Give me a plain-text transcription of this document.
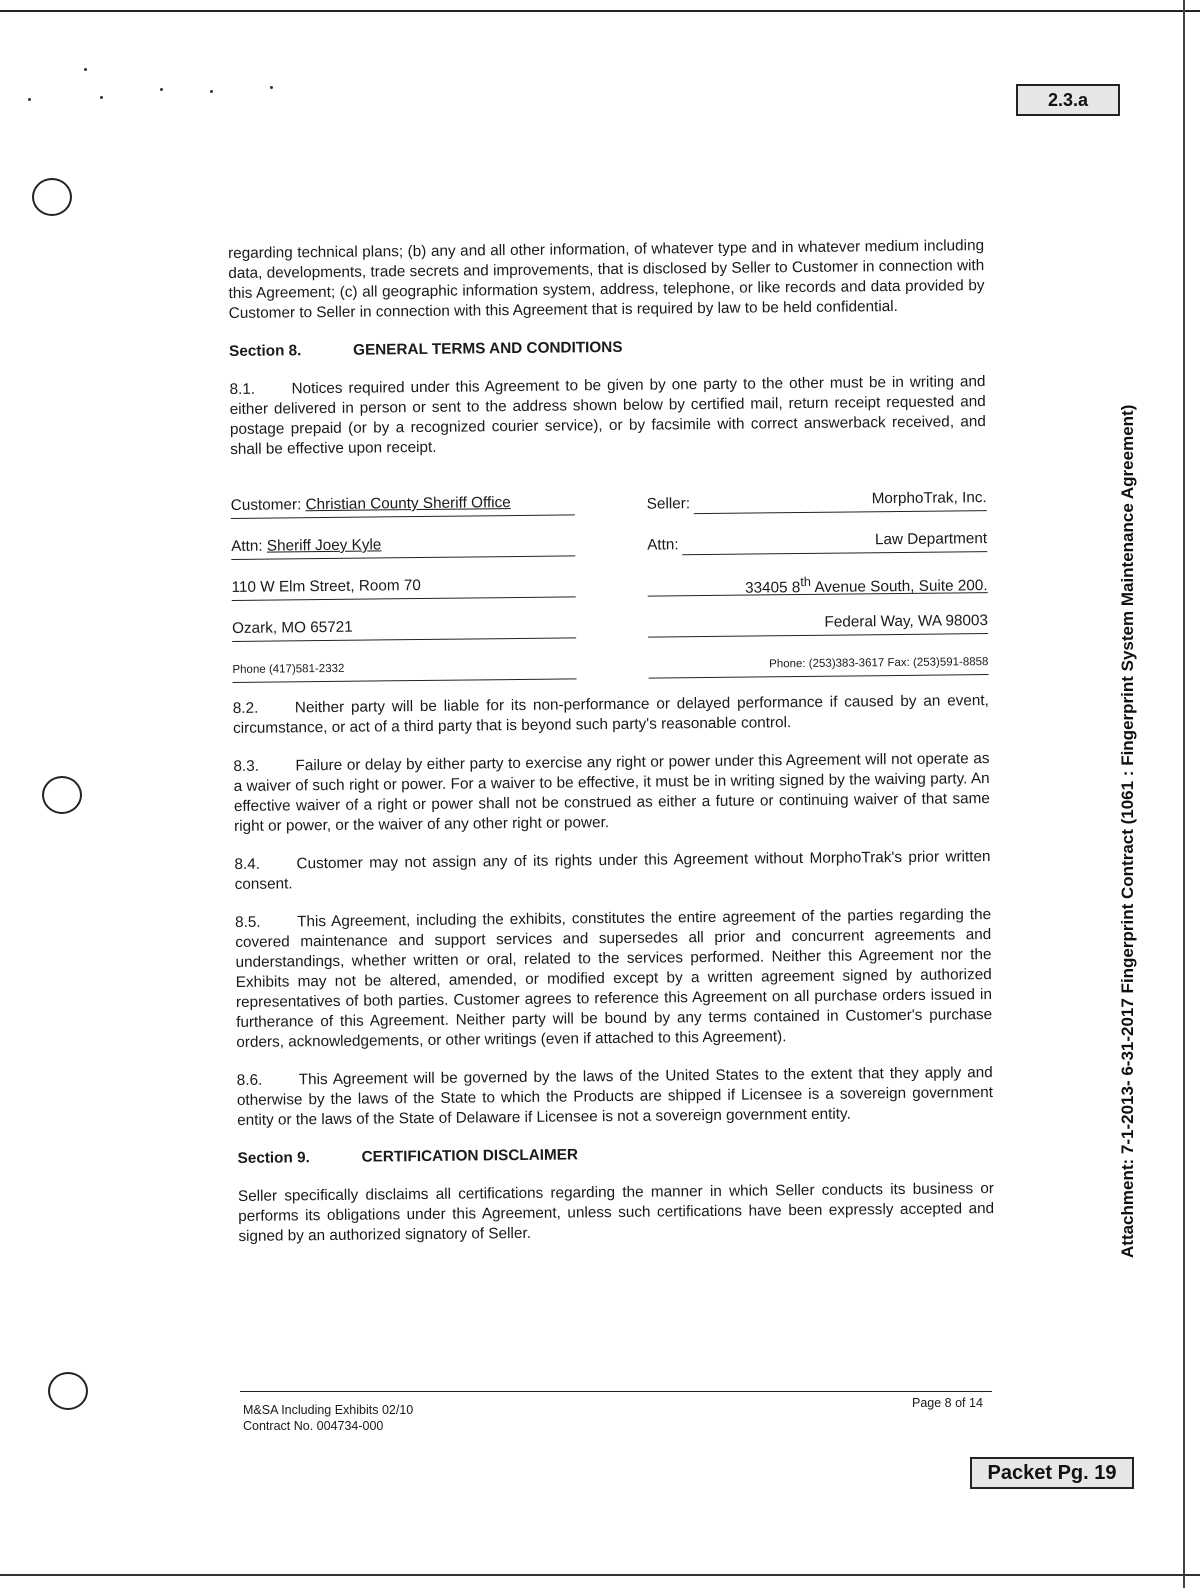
2.3.a
Attachment: 7-1-2013- 6-31-2017 Fingerprint Contract (1061 : Fingerprint System Maintenance Agreement)

regarding technical plans; (b) any and all other information, of whatever type and in whatever medium including data, developments, trade secrets and improvements, that is disclosed by Seller to Customer in connection with this Agreement; (c) all geographic information system, address, telephone, or like records and data provided by Customer to Seller in connection with this Agreement that is required by law to be held confidential.

Section 8.	GENERAL TERMS AND CONDITIONS

8.1. Notices required under this Agreement to be given by one party to the other must be in writing and either delivered in person or sent to the address shown below by certified mail, return receipt requested and postage prepaid (or by a recognized courier service), or by facsimile with correct answerback received, and shall be effective upon receipt.

Customer: Christian County Sheriff Office	Seller:	MorphoTrak, Inc.
Attn: Sheriff Joey Kyle	Attn:	Law Department
110 W Elm Street, Room 70	33405 8th Avenue South, Suite 200.
Ozark, MO 65721	Federal Way, WA 98003
Phone (417)581-2332	Phone: (253)383-3617 Fax: (253)591-8858

8.2. Neither party will be liable for its non-performance or delayed performance if caused by an event, circumstance, or act of a third party that is beyond such party's reasonable control.

8.3. Failure or delay by either party to exercise any right or power under this Agreement will not operate as a waiver of such right or power. For a waiver to be effective, it must be in writing signed by the waiving party. An effective waiver of a right or power shall not be construed as either a future or continuing waiver of that same right or power, or the waiver of any other right or power.

8.4. Customer may not assign any of its rights under this Agreement without MorphoTrak's prior written consent.

8.5. This Agreement, including the exhibits, constitutes the entire agreement of the parties regarding the covered maintenance and support services and supersedes all prior and concurrent agreements and understandings, whether written or oral, related to the services performed. Neither this Agreement nor the Exhibits may not be altered, amended, or modified except by a written agreement signed by authorized representatives of both parties. Customer agrees to reference this Agreement on all purchase orders issued in furtherance of this Agreement. Neither party will be bound by any terms contained in Customer's purchase orders, acknowledgements, or other writings (even if attached to this Agreement).

8.6. This Agreement will be governed by the laws of the United States to the extent that they apply and otherwise by the laws of the State to which the Products are shipped if Licensee is a sovereign government entity or the laws of the State of Delaware if Licensee is not a sovereign government entity.

Section 9.	CERTIFICATION DISCLAIMER

Seller specifically disclaims all certifications regarding the manner in which Seller conducts its business or performs its obligations under this Agreement, unless such certifications have been expressly accepted and signed by an authorized signatory of Seller.

M&SA Including Exhibits 02/10
Contract No. 004734-000
Page 8 of 14
Packet Pg. 19
